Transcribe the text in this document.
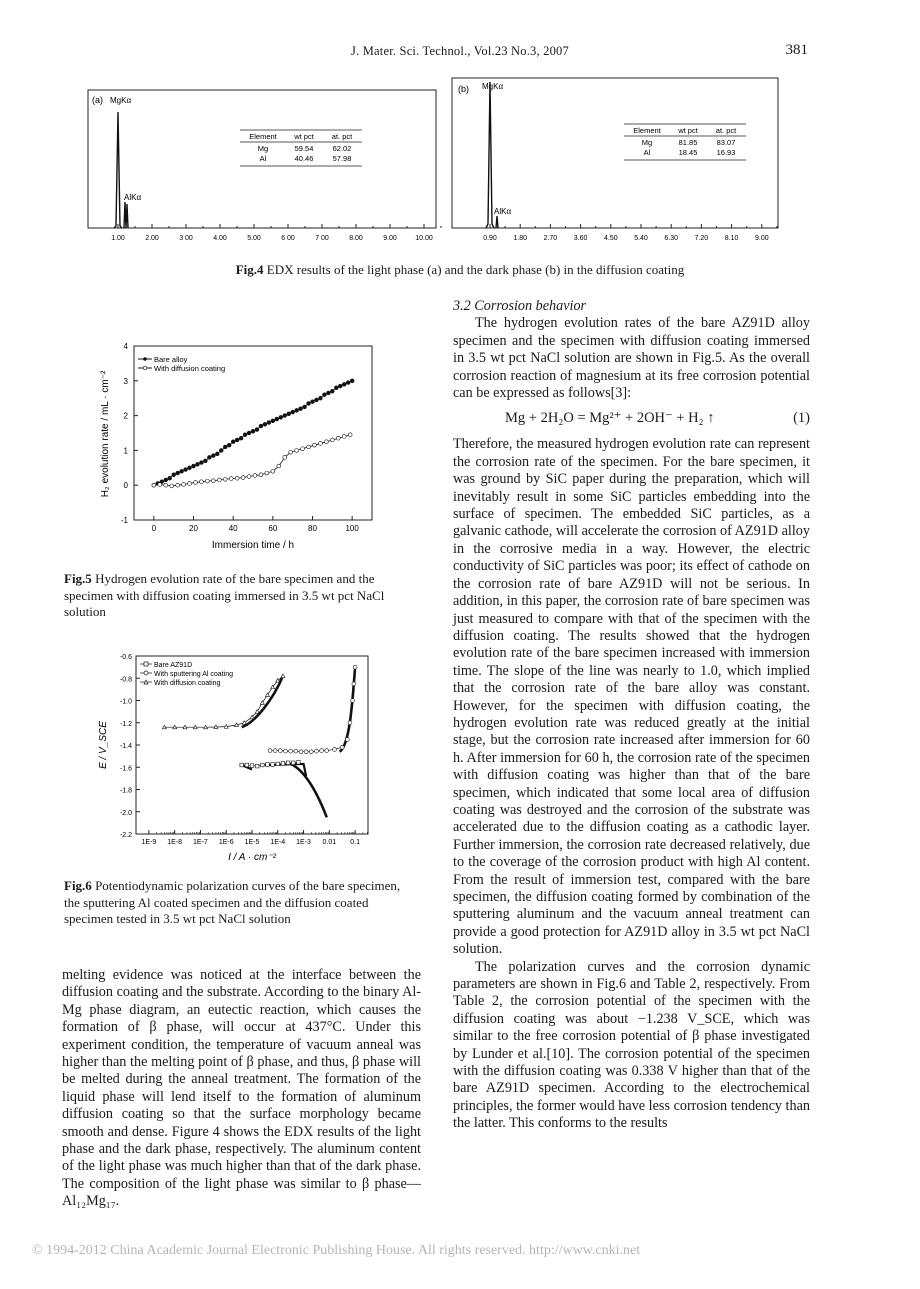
J. Mater. Sci. Technol., Vol.23 No.3, 2007	381
(a) MgKα
AlKα
Element wt pct at. pct
Mg	59.54	62.02
Al	40.46	57.98
1.00	2.00	3 00	4.00	5.00	6 00	7 00	8.00	9.00	10.00
(b) MgKα
AlKα
Element wt pct at. pct
Mg	81.85	83.07
Al	18.45	16.93
0.90 1.80 2.70 3.60 4.50 5.40 6.30 7.20 8.10 9.00
Fig.4 EDX results of the light phase (a) and the dark phase (b) in the diffusion coating
0	20	40	60	80	100
4
3
2
1
0
-1
Bare alloy
With diffusion coating
Immersion time / h
H₂ evolution rate / mL · cm⁻²
Fig.5 Hydrogen evolution rate of the bare specimen and the specimen with diffusion coating immersed in 3.5 wt pct NaCl solution
1E-9 1E-8 1E-7 1E-6 1E-5 1E-4 1E-3 0.01 0.1
-0.6
-0.8
-1.0
-1.2
-1.4
-1.6
-1.8
-2.0
-2.2
Bare AZ91D
With sputtering Al coating
With diffusion coating
I / A · cm⁻²
E / V_SCE
Fig.6 Potentiodynamic polarization curves of the bare specimen, the sputtering Al coated specimen and the diffusion coated specimen tested in 3.5 wt pct NaCl solution

melting evidence was noticed at the interface between the diffusion coating and the substrate. According to the binary Al-Mg phase diagram, an eutectic reaction, which causes the formation of β phase, will occur at 437°C. Under this experiment condition, the temperature of vacuum anneal was higher than the melting point of β phase, and thus, β phase will be melted during the anneal treatment. The formation of the liquid phase will lend itself to the formation of aluminum diffusion coating so that the surface morphology became smooth and dense. Figure 4 shows the EDX results of the light phase and the dark phase, respectively. The aluminum content of the light phase was much higher than that of the dark phase. The composition of the light phase was similar to β phase—Al₁₂Mg₁₇.

3.2 Corrosion behavior

The hydrogen evolution rates of the bare AZ91D alloy specimen and the specimen with diffusion coating immersed in 3.5 wt pct NaCl solution are shown in Fig.5. As the overall corrosion reaction of magnesium at its free corrosion potential can be expressed as follows[3]:

Mg + 2H₂O = Mg²⁺ + 2OH⁻ + H₂ ↑	(1)

Therefore, the measured hydrogen evolution rate can represent the corrosion rate of the specimen. For the bare specimen, it was ground by SiC paper during the preparation, which will inevitably result in some SiC particles embedding into the surface of specimen. The embedded SiC particles, as a galvanic cathode, will accelerate the corrosion of AZ91D alloy in the corrosive media in a way. However, the electric conductivity of SiC particles was poor; its effect of cathode on the corrosion rate of bare AZ91D will not be serious. In addition, in this paper, the corrosion rate of bare specimen was just measured to compare with that of the specimen with the diffusion coating. The results showed that the hydrogen evolution rate of the bare specimen increased with immersion time. The slope of the line was nearly to 1.0, which implied that the corrosion rate of the bare alloy was constant. However, for the specimen with diffusion coating, the hydrogen evolution rate was reduced greatly at the initial stage, but the corrosion rate increased after immersion for 60 h. After immersion for 60 h, the corrosion rate of the specimen with diffusion coating was higher than that of the bare specimen, which indicated that some local area of diffusion coating was destroyed and the corrosion of the substrate was accelerated due to the diffusion coating as a cathodic layer. Further immersion, the corrosion rate decreased relatively, due to the coverage of the corrosion product with high Al content. From the result of immersion test, compared with the bare specimen, the diffusion coating formed by combination of the sputtering aluminum and the vacuum anneal treatment can provide a good protection for AZ91D alloy in 3.5 wt pct NaCl solution.

The polarization curves and the corrosion dynamic parameters are shown in Fig.6 and Table 2, respectively. From Table 2, the corrosion potential of the specimen with the diffusion coating was about −1.238 V_SCE, which was similar to the free corrosion potential of β phase investigated by Lunder et al.[10]. The corrosion potential of the specimen with the diffusion coating was 0.338 V higher than that of the bare AZ91D specimen. According to the electrochemical principles, the former would have less corrosion tendency than the latter. This conforms to the results

© 1994-2012 China Academic Journal Electronic Publishing House. All rights reserved. http://www.cnki.net
